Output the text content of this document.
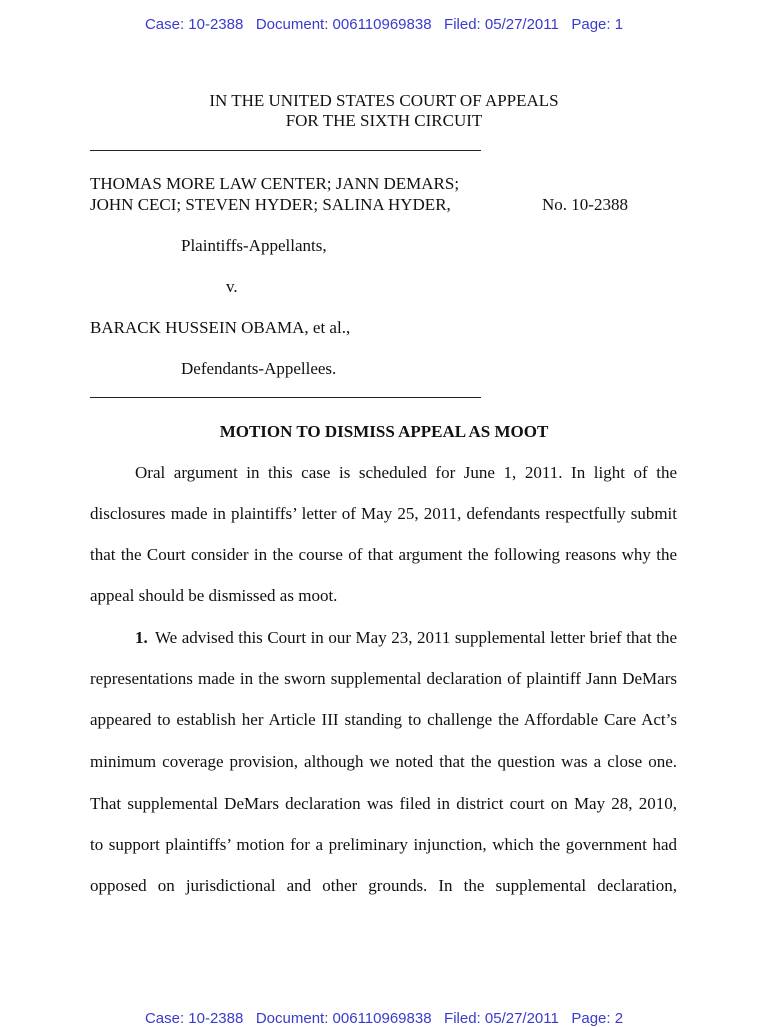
Case: 10-2388   Document: 006110969838   Filed: 05/27/2011   Page: 1
IN THE UNITED STATES COURT OF APPEALS
FOR THE SIXTH CIRCUIT
THOMAS MORE LAW CENTER; JANN DEMARS;
JOHN CECI; STEVEN HYDER; SALINA HYDER,	No. 10-2388
Plaintiffs-Appellants,
v.
BARACK HUSSEIN OBAMA, et al.,
Defendants-Appellees.
MOTION TO DISMISS APPEAL AS MOOT
Oral argument in this case is scheduled for June 1, 2011. In light of the
disclosures made in plaintiffs’ letter of May 25, 2011, defendants respectfully submit
that the Court consider in the course of that argument the following reasons why the
appeal should be dismissed as moot.
1. We advised this Court in our May 23, 2011 supplemental letter brief that the
representations made in the sworn supplemental declaration of plaintiff Jann DeMars
appeared to establish her Article III standing to challenge the Affordable Care Act’s
minimum coverage provision, although we noted that the question was a close one.
That supplemental DeMars declaration was filed in district court on May 28, 2010,
to support plaintiffs’ motion for a preliminary injunction, which the government had
opposed on jurisdictional and other grounds. In the supplemental declaration,
Case: 10-2388   Document: 006110969838   Filed: 05/27/2011   Page: 2
